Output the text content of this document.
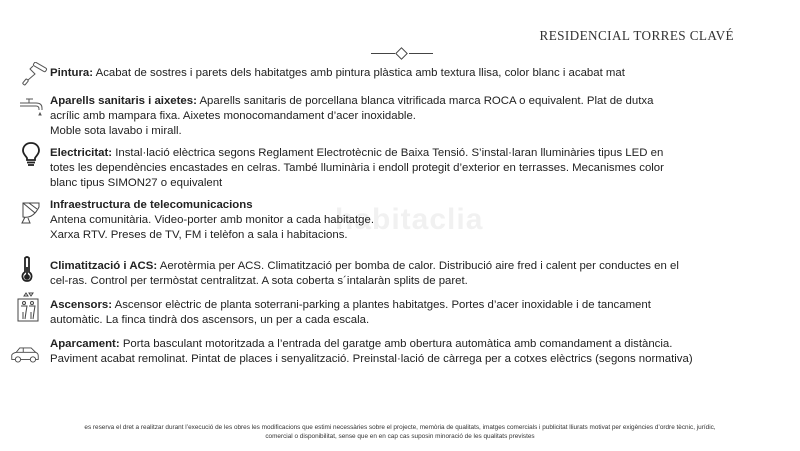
RESIDENCIAL TORRES CLAVÉ
habitaclia
Pintura: Acabat de sostres i parets dels habitatges amb pintura plàstica amb textura llisa, color blanc i acabat mat
Aparells sanitaris i aixetes: Aparells sanitaris de porcellana blanca vitrificada marca ROCA o equivalent. Plat de dutxa
acrílic amb mampara fixa. Aixetes monocomandament d’acer inoxidable.
Moble sota lavabo i mirall.
Electricitat: Instal·lació elèctrica segons Reglament Electrotècnic de Baixa Tensió. S’instal·laran lluminàries tipus LED en
totes les dependències encastades en celras. També lluminària i endoll protegit d’exterior en terrasses. Mecanismes color
blanc tipus SIMON27 o equivalent
Infraestructura de telecomunicacions
Antena comunitària. Video-porter amb monitor a cada habitatge.
Xarxa RTV. Preses de TV, FM i telèfon a sala i habitacions.
Climatització i ACS: Aerotèrmia per ACS. Climatització per bomba de calor. Distribució aire fred i calent per conductes en el
cel-ras. Control per termòstat centralitzat. A sota coberta s´intalaràn splits de paret.
Ascensors: Ascensor elèctric de planta soterrani-parking a plantes habitatges. Portes d’acer inoxidable i de tancament
automàtic. La finca tindrà dos ascensors, un per a cada escala.
Aparcament: Porta basculant motoritzada a l’entrada del garatge amb obertura automàtica amb comandament a distància.
Paviment acabat remolinat. Pintat de places i senyalització. Preinstal·lació de càrrega per a cotxes elèctrics (segons normativa)
es reserva el dret a realitzar durant l’execució de les obres les modificacions que estimi necessàries sobre el projecte, memòria de qualitats, imatges comercials i publicitat lliurats motivat per exigències d’ordre tècnic, jurídic,
comercial o disponibilitat, sense que en en cap cas suposin minoració de les qualitats previstes
